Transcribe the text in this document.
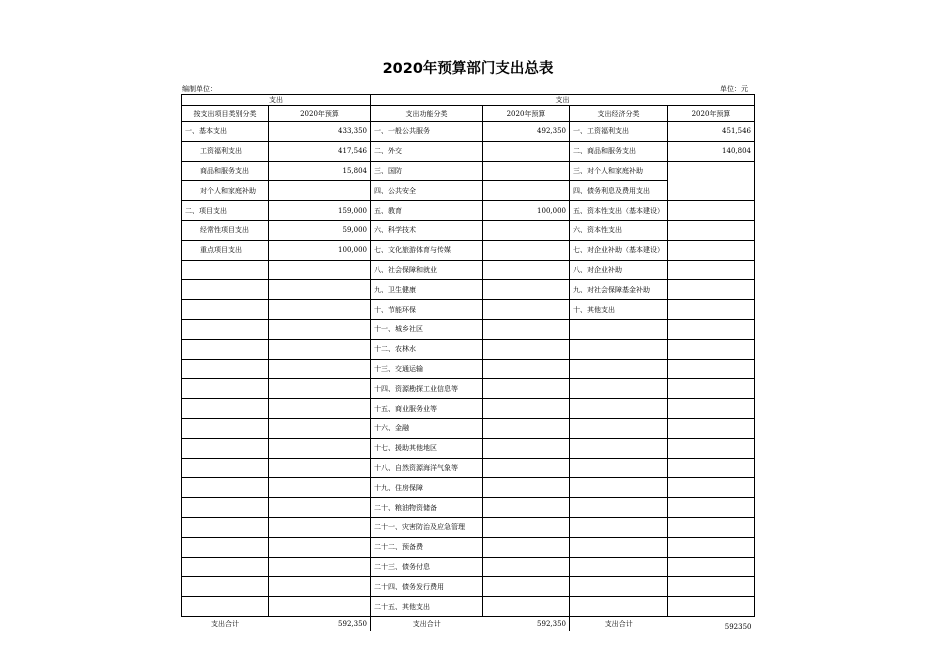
2020年预算部门支出总表
编制单位：	单位：元
支出		支出			
按支出项目类别分类	2020年预算	支出功能分类	2020年预算	支出经济分类	2020年预算
一、基本支出	433,350	一、一般公共服务	492,350	一、工资福利支出	451,546
工资福利支出	417,546	二、外交		二、商品和服务支出	140,804
商品和服务支出	15,804	三、国防		三、对个人和家庭补助	
对个人和家庭补助		四、公共安全		四、债务利息及费用支出	
二、项目支出	159,000	五、教育	100,000	五、资本性支出（基本建设）	
经常性项目支出	59,000	六、科学技术		六、资本性支出	
重点项目支出	100,000	七、文化旅游体育与传媒		七、对企业补助（基本建设）	
		八、社会保障和就业		八、对企业补助	
		九、卫生健康		九、对社会保障基金补助	
		十、节能环保		十、其他支出	
		十一、城乡社区			
		十二、农林水			
		十三、交通运输			
		十四、资源勘探工业信息等			
		十五、商业服务业等			
		十六、金融			
		十七、援助其他地区			
		十八、自然资源海洋气象等			
		十九、住房保障			
		二十、粮油物资储备			
		二十一、灾害防治及应急管理			
		二十二、预备费			
		二十三、债务付息			
		二十四、债务发行费用			
		二十五、其他支出			
支出合计	592,350	支出合计	592,350	支出合计	592350
